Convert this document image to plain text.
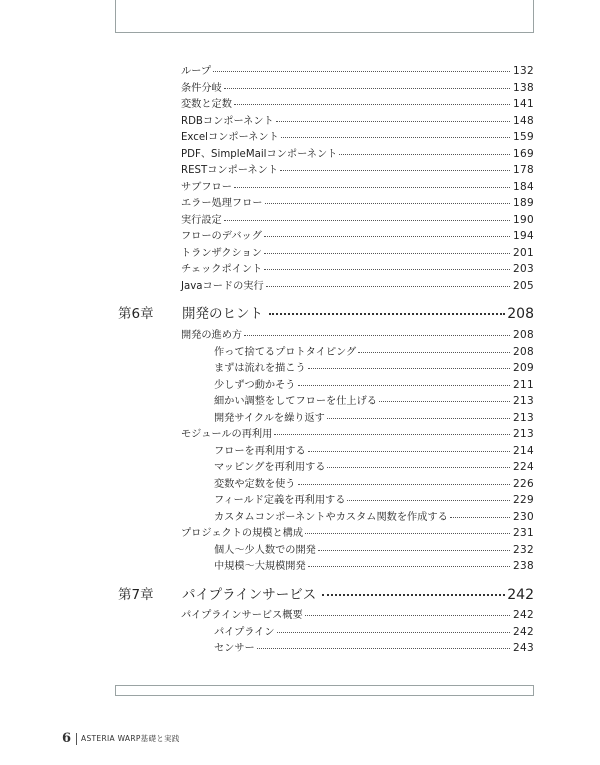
ループ	132
条件分岐	138
変数と定数	141
RDBコンポーネント	148
Excelコンポーネント	159
PDF、SimpleMailコンポーネント	169
RESTコンポーネント	178
サブフロー	184
エラー処理フロー	189
実行設定	190
フローのデバッグ	194
トランザクション	201
チェックポイント	203
Javaコードの実行	205
第6章	開発のヒント	208
開発の進め方	208
作って捨てるプロトタイピング	208
まずは流れを描こう	209
少しずつ動かそう	211
細かい調整をしてフローを仕上げる	213
開発サイクルを繰り返す	213
モジュールの再利用	213
フローを再利用する	214
マッピングを再利用する	224
変数や定数を使う	226
フィールド定義を再利用する	229
カスタムコンポーネントやカスタム関数を作成する	230
プロジェクトの規模と構成	231
個人〜少人数での開発	232
中規模〜大規模開発	238
第7章	パイプラインサービス	242
パイプラインサービス概要	242
パイプライン	242
センサー	243
6 ASTERIA WARP基礎と実践
